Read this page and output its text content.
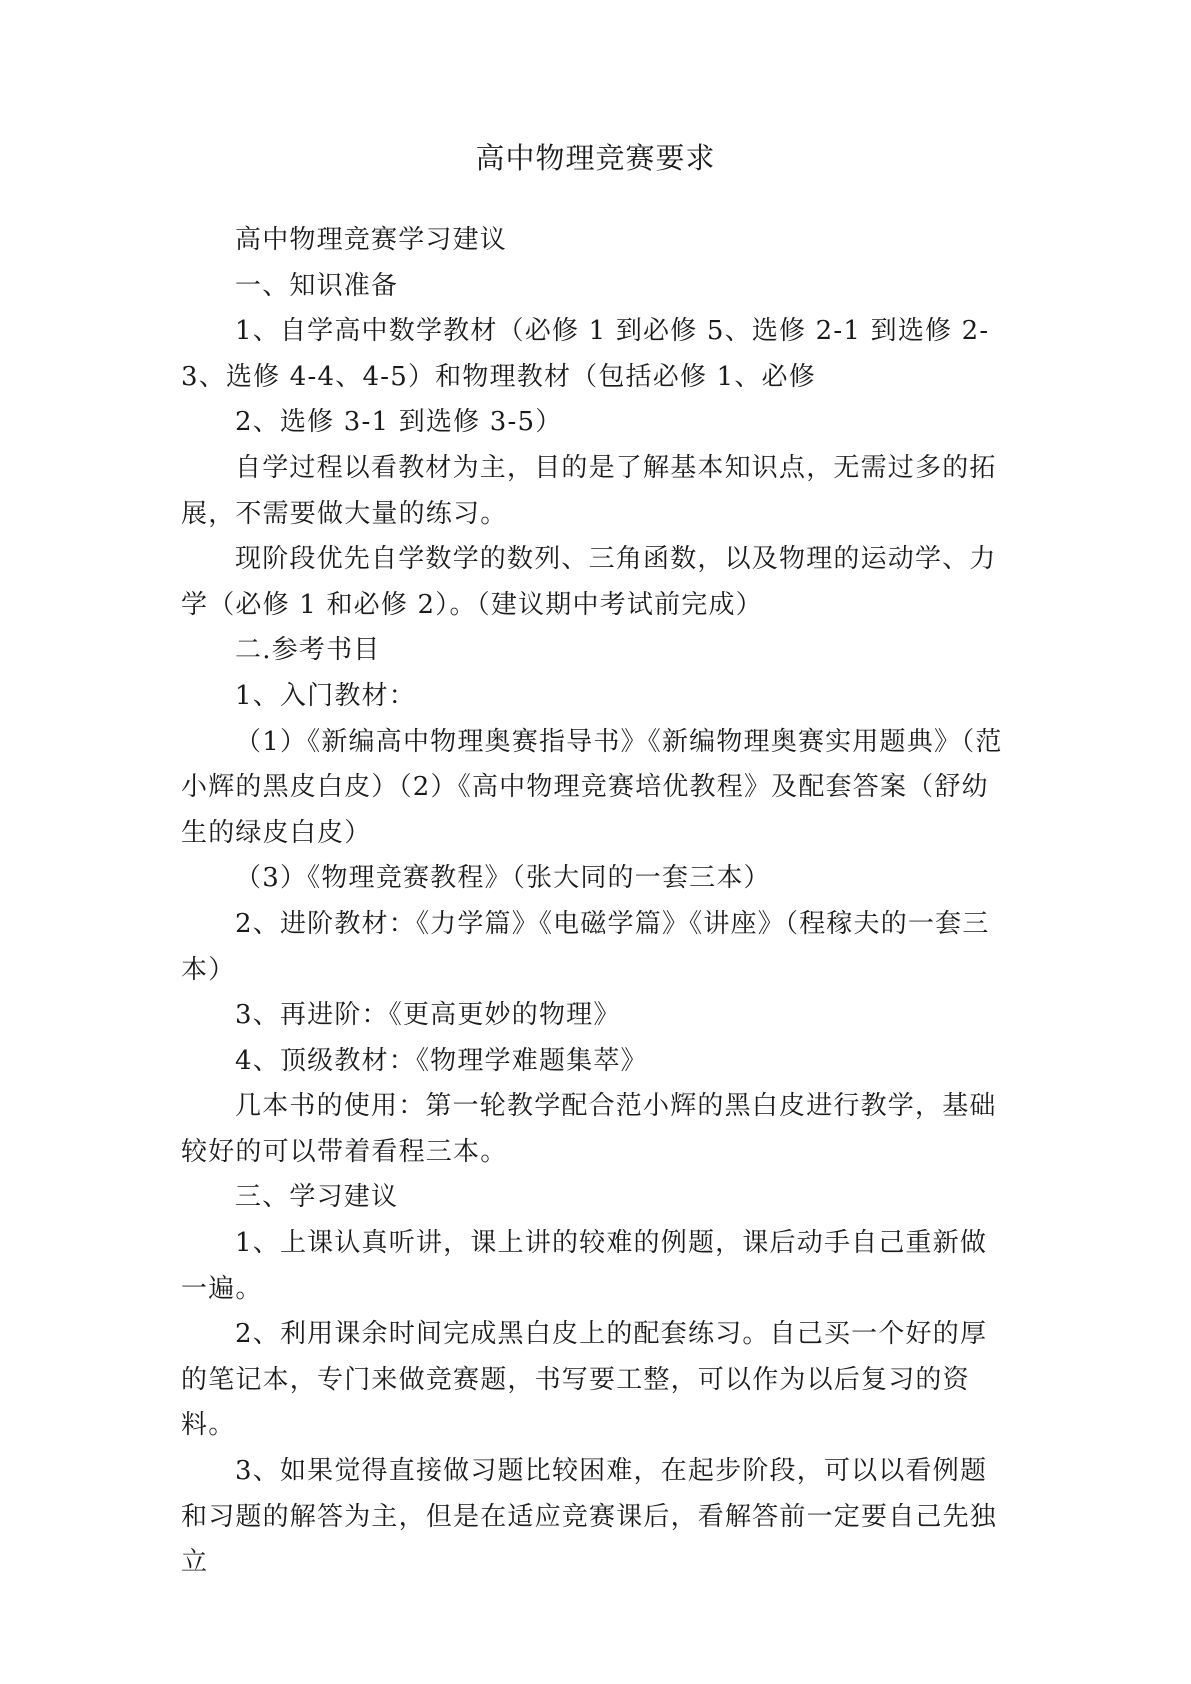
高中物理竞赛要求

高中物理竞赛学习建议

一、知识准备

1、自学高中数学教材（必修 1 到必修 5、选修 2-1 到选修 2-3、选修 4-4、4-5）和物理教材（包括必修 1、必修

2、选修 3-1 到选修 3-5）

自学过程以看教材为主，目的是了解基本知识点，无需过多的拓展，不需要做大量的练习。

现阶段优先自学数学的数列、三角函数，以及物理的运动学、力学（必修 1 和必修 2）。（建议期中考试前完成）

二.参考书目

1、入门教材：

（1）《新编高中物理奥赛指导书》《新编物理奥赛实用题典》（范小辉的黑皮白皮）（2）《高中物理竞赛培优教程》及配套答案（舒幼生的绿皮白皮）

（3）《物理竞赛教程》（张大同的一套三本）

2、进阶教材：《力学篇》《电磁学篇》《讲座》（程稼夫的一套三本）

3、再进阶：《更高更妙的物理》

4、顶级教材：《物理学难题集萃》

几本书的使用：第一轮教学配合范小辉的黑白皮进行教学，基础较好的可以带着看程三本。

三、学习建议

1、上课认真听讲，课上讲的较难的例题，课后动手自己重新做一遍。

2、利用课余时间完成黑白皮上的配套练习。自己买一个好的厚的笔记本，专门来做竞赛题，书写要工整，可以作为以后复习的资料。

3、如果觉得直接做习题比较困难，在起步阶段，可以以看例题和习题的解答为主，但是在适应竞赛课后，看解答前一定要自己先独立
